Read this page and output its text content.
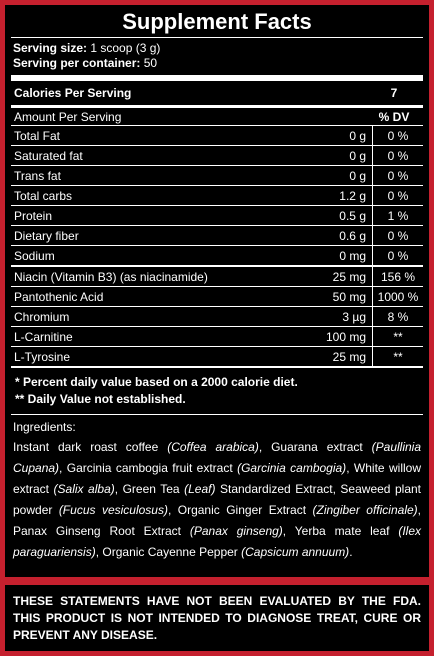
Supplement Facts
Serving size: 1 scoop (3 g)
Serving per container: 50
Calories Per Serving	7
Amount Per Serving	% DV
Total Fat	0 g	0 %
Saturated fat	0 g	0 %
Trans fat	0 g	0 %
Total carbs	1.2 g	0 %
Protein	0.5 g	1 %
Dietary fiber	0.6 g	0 %
Sodium	0 mg	0 %
Niacin (Vitamin B3) (as niacinamide)	25 mg	156 %
Pantothenic Acid	50 mg	1000 %
Chromium	3 µg	8 %
L-Carnitine	100 mg	**
L-Tyrosine	25 mg	**
* Percent daily value based on a 2000 calorie diet.
** Daily Value not established.
Ingredients:
Instant dark roast coffee (Coffea arabica), Guarana extract (Paullinia Cupana), Garcinia cambogia fruit extract (Garcinia cambogia), White willow extract (Salix alba), Green Tea (Leaf) Standardized Extract, Seaweed plant powder (Fucus vesiculosus), Organic Ginger Extract (Zingiber officinale), Panax Ginseng Root Extract (Panax ginseng), Yerba mate leaf (Ilex paraguariensis), Organic Cayenne Pepper (Capsicum annuum).
THESE STATEMENTS HAVE NOT BEEN EVALUATED BY THE FDA. THIS PRODUCT IS NOT INTENDED TO DIAGNOSE TREAT, CURE OR PREVENT ANY DISEASE.
